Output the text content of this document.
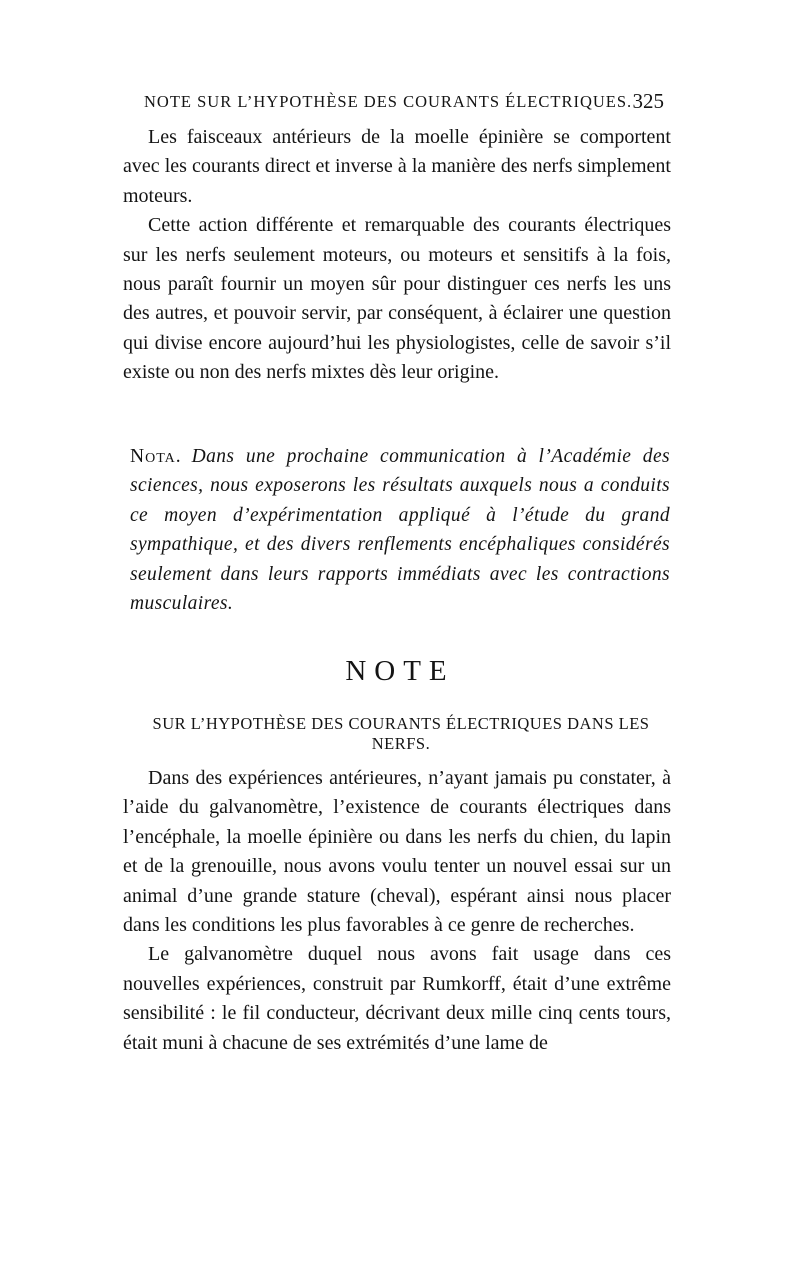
NOTE SUR L’HYPOTHÈSE DES COURANTS ÉLECTRIQUES. 325

Les faisceaux antérieurs de la moelle épinière se comportent avec les courants direct et inverse à la manière des nerfs simplement moteurs.

Cette action différente et remarquable des courants électriques sur les nerfs seulement moteurs, ou moteurs et sensitifs à la fois, nous paraît fournir un moyen sûr pour distinguer ces nerfs les uns des autres, et pouvoir servir, par conséquent, à éclairer une question qui divise encore aujourd’hui les physiologistes, celle de savoir s’il existe ou non des nerfs mixtes dès leur origine.

Nota. Dans une prochaine communication à l’Académie des sciences, nous exposerons les résultats auxquels nous a conduits ce moyen d’expérimentation appliqué à l’étude du grand sympathique, et des divers renflements encéphaliques considérés seulement dans leurs rapports immédiats avec les contractions musculaires.
NOTE
SUR L’HYPOTHÈSE DES COURANTS ÉLECTRIQUES DANS LES NERFS.

Dans des expériences antérieures, n’ayant jamais pu constater, à l’aide du galvanomètre, l’existence de courants électriques dans l’encéphale, la moelle épinière ou dans les nerfs du chien, du lapin et de la grenouille, nous avons voulu tenter un nouvel essai sur un animal d’une grande stature (cheval), espérant ainsi nous placer dans les conditions les plus favorables à ce genre de recherches.

Le galvanomètre duquel nous avons fait usage dans ces nouvelles expériences, construit par Rumkorff, était d’une extrême sensibilité : le fil conducteur, décrivant deux mille cinq cents tours, était muni à chacune de ses extrémités d’une lame de
